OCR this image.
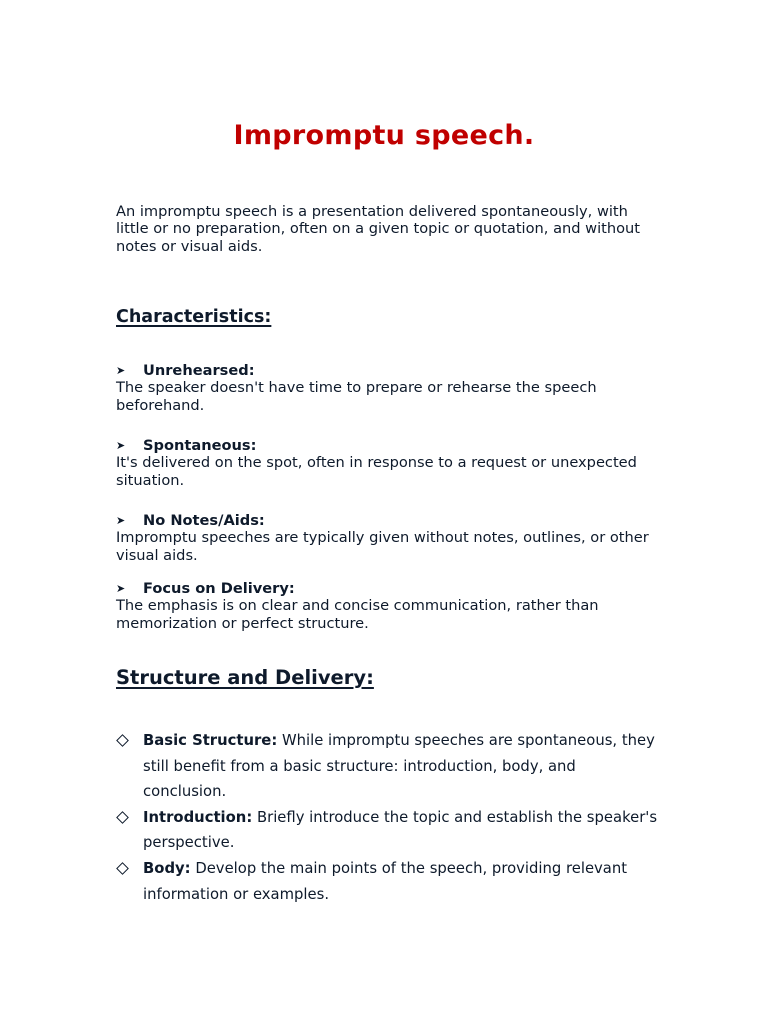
Impromptu speech.
An impromptu speech is a presentation delivered spontaneously, with little or no preparation, often on a given topic or quotation, and without notes or visual aids.
Characteristics:
➤	Unrehearsed:
The speaker doesn't have time to prepare or rehearse the speech beforehand.
➤	Spontaneous:
It's delivered on the spot, often in response to a request or unexpected situation.
➤	No Notes/Aids:
Impromptu speeches are typically given without notes, outlines, or other visual aids.
➤	Focus on Delivery:
The emphasis is on clear and concise communication, rather than memorization or perfect structure.
Structure and Delivery:
Basic Structure: While impromptu speeches are spontaneous, they still benefit from a basic structure: introduction, body, and conclusion.
Introduction: Briefly introduce the topic and establish the speaker's perspective.
Body: Develop the main points of the speech, providing relevant information or examples.
